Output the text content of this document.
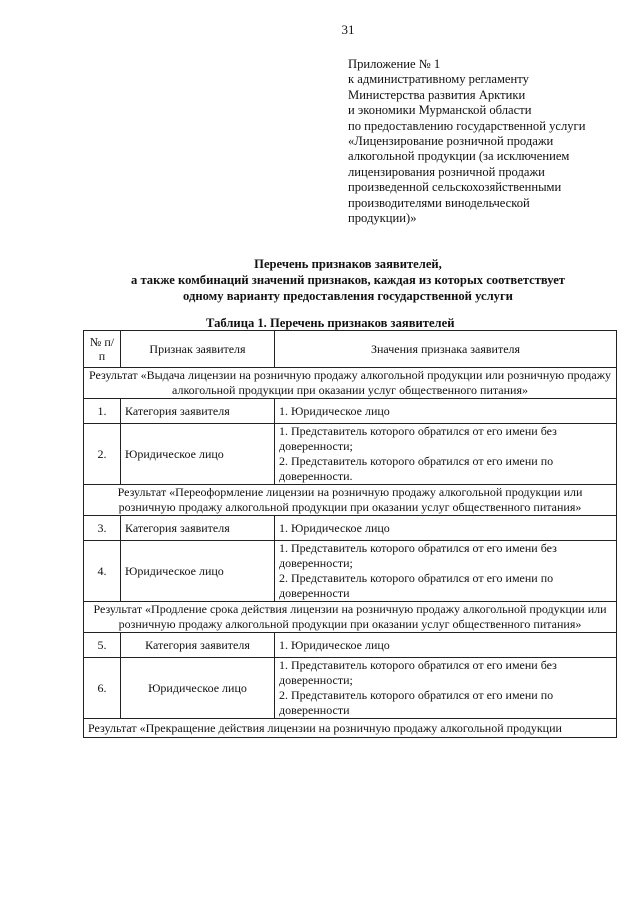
31
Приложение № 1
к административному регламенту
Министерства развития Арктики
и экономики Мурманской области
по предоставлению государственной услуги
«Лицензирование розничной продажи
алкогольной продукции (за исключением
лицензирования розничной продажи
произведенной сельскохозяйственными
производителями винодельческой
продукции)»
Перечень признаков заявителей,
а также комбинаций значений признаков, каждая из которых соответствует
одному варианту предоставления государственной услуги
Таблица 1. Перечень признаков заявителей
№ п/п	Признак заявителя	Значения признака заявителя
Результат «Выдача лицензии на розничную продажу алкогольной продукции или розничную продажу алкогольной продукции при оказании услуг общественного питания»		
1.	Категория заявителя	1. Юридическое лицо
2.	Юридическое лицо	1. Представитель которого обратился от его имени без доверенности;
2. Представитель которого обратился от его имени по доверенности.

Результат «Переоформление лицензии на розничную продажу алкогольной продукции или розничную продажу алкогольной продукции при оказании услуг общественного питания»		
3.	Категория заявителя	1. Юридическое лицо
4.	Юридическое лицо	1. Представитель которого обратился от его имени без доверенности;
2. Представитель которого обратился от его имени по доверенности

Результат «Продление срока действия лицензии на розничную продажу алкогольной продукции или розничную продажу алкогольной продукции при оказании услуг общественного питания»		
5.	Категория заявителя	1. Юридическое лицо
6.	Юридическое лицо	1. Представитель которого обратился от его имени без доверенности;
2. Представитель которого обратился от его имени по доверенности

Результат «Прекращение действия лицензии на розничную продажу алкогольной продукции		
